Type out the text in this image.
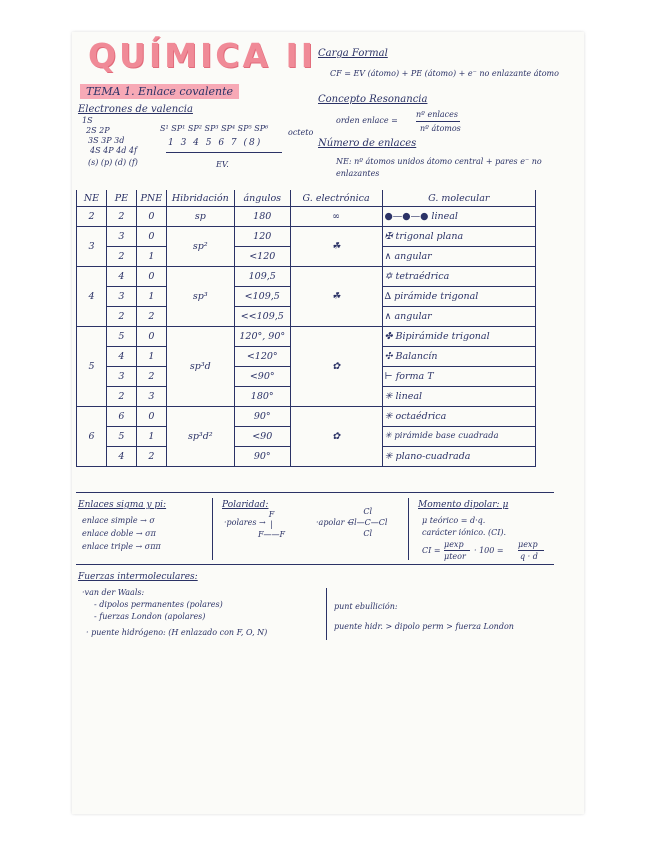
QUÍMICA II
TEMA 1. Enlace covalente
Electrones de valencia
1S
2S 2P
3S 3P 3d
4S 4P 4d 4f
(s) (p) (d) (f)
S¹ SP¹ SP² SP³ SP⁴ SP⁵ SP⁶ octeto
1 3 4 5 6 7 (8)
EV.
Carga Formal
CF = EV (átomo) + PE (átomo) + e⁻ no enlazante átomo
Concepto Resonancia
orden enlace =
nº enlaces
nº átomos
Número de enlaces
NE: nº átomos unidos átomo central + pares e⁻ no enlazantes
NE	PE	PNE	Hibridación	ángulos	G. electrónica	G. molecular
2	2	0	sp	180	∞	●—●—● lineal
3	3	0	sp²	120	☘	✠ trigonal plana
	2	1		<120		∧ angular
4	4	0	sp³	109,5	☘	✡ tetraédrica
	3	1		<109,5		∆ pirámide trigonal
	2	2		<<109,5		∧ angular
5	5	0	sp³d	120°, 90°	✿	✤ Bipirámide trigonal
	4	1		<120°		✣ Balancín
	3	2		<90°		⊢ forma T
	2	3		180°		✳ lineal
6	6	0	sp³d²	90°	✿	✳ octaédrica
	5	1		<90		✳ pirámide base cuadrada
	4	2		90°		✳ plano-cuadrada
Enlaces sigma y pi:
enlace simple → σ
enlace doble → σπ
enlace triple → σππ
Polaridad:
·polares →
F
|
F——F
·apolar →
Cl
Cl—C—Cl
Cl
Momento dipolar: μ
μ teórico = d·q.
carácter iónico. (CI).
CI =
μexp
μteor
· 100 =
μexp
q · d
Fuerzas intermoleculares:
·van der Waals:
- dipolos permanentes (polares)
- fuerzas London (apolares)
· puente hidrógeno: (H enlazado con F, O, N)
punt ebullición:
puente hidr. > dipolo perm > fuerza London
